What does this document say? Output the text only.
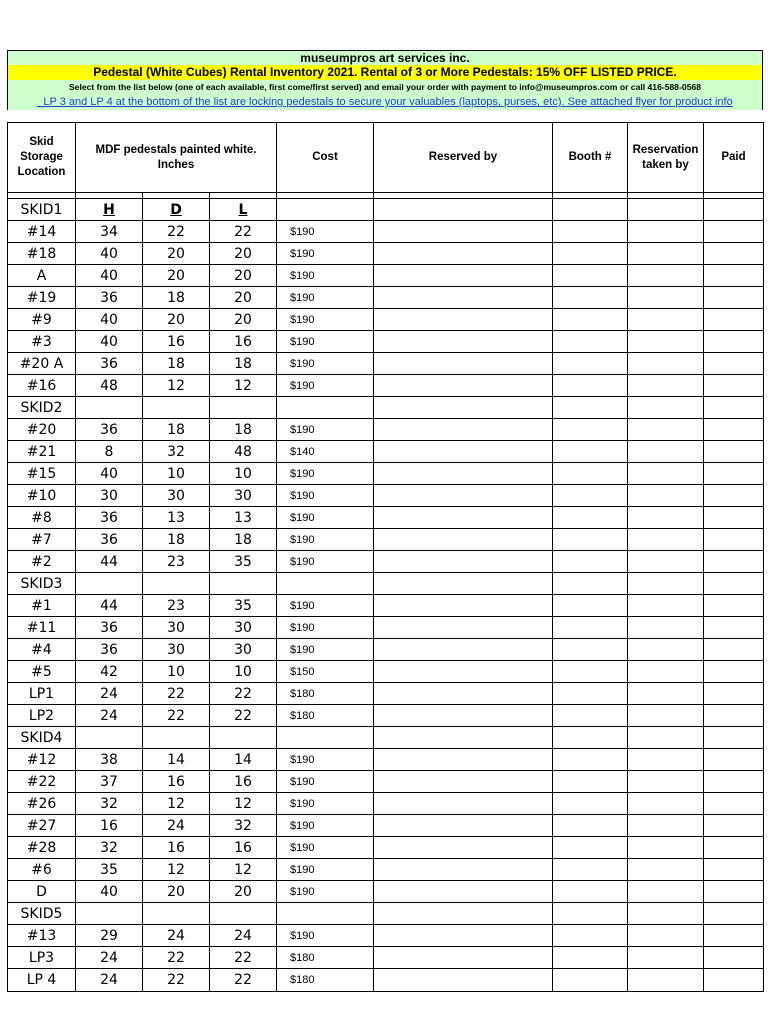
museumpros art services inc.
Pedestal (White Cubes) Rental Inventory 2021. Rental of 3 or More Pedestals: 15% OFF LISTED PRICE.
Select from the list below (one of each available, first come/first served) and email your order with payment to info@museumpros.com or call 416-588-0568
_LP 3 and LP 4 at the bottom of the list are locking pedestals to secure your valuables (laptops, purses, etc). See attached flyer for product info
Skid Storage Location	MDF pedestals painted white. Inches			Cost	Reserved by	Booth #	Reservation taken by	Paid

SKID1	H	D	L					
#14	34	22	22	$190				
#18	40	20	20	$190				
A	40	20	20	$190				
#19	36	18	20	$190				
#9	40	20	20	$190				
#3	40	16	16	$190				
#20 A	36	18	18	$190				
#16	48	12	12	$190				
SKID2								
#20	36	18	18	$190				
#21	8	32	48	$140				
#15	40	10	10	$190				
#10	30	30	30	$190				
#8	36	13	13	$190				
#7	36	18	18	$190				
#2	44	23	35	$190				
SKID3								
#1	44	23	35	$190				
#11	36	30	30	$190				
#4	36	30	30	$190				
#5	42	10	10	$150				
LP1	24	22	22	$180				
LP2	24	22	22	$180				
SKID4								
#12	38	14	14	$190				
#22	37	16	16	$190				
#26	32	12	12	$190				
#27	16	24	32	$190				
#28	32	16	16	$190				
#6	35	12	12	$190				
D	40	20	20	$190				
SKID5								
#13	29	24	24	$190				
LP3	24	22	22	$180				
LP 4	24	22	22	$180				
